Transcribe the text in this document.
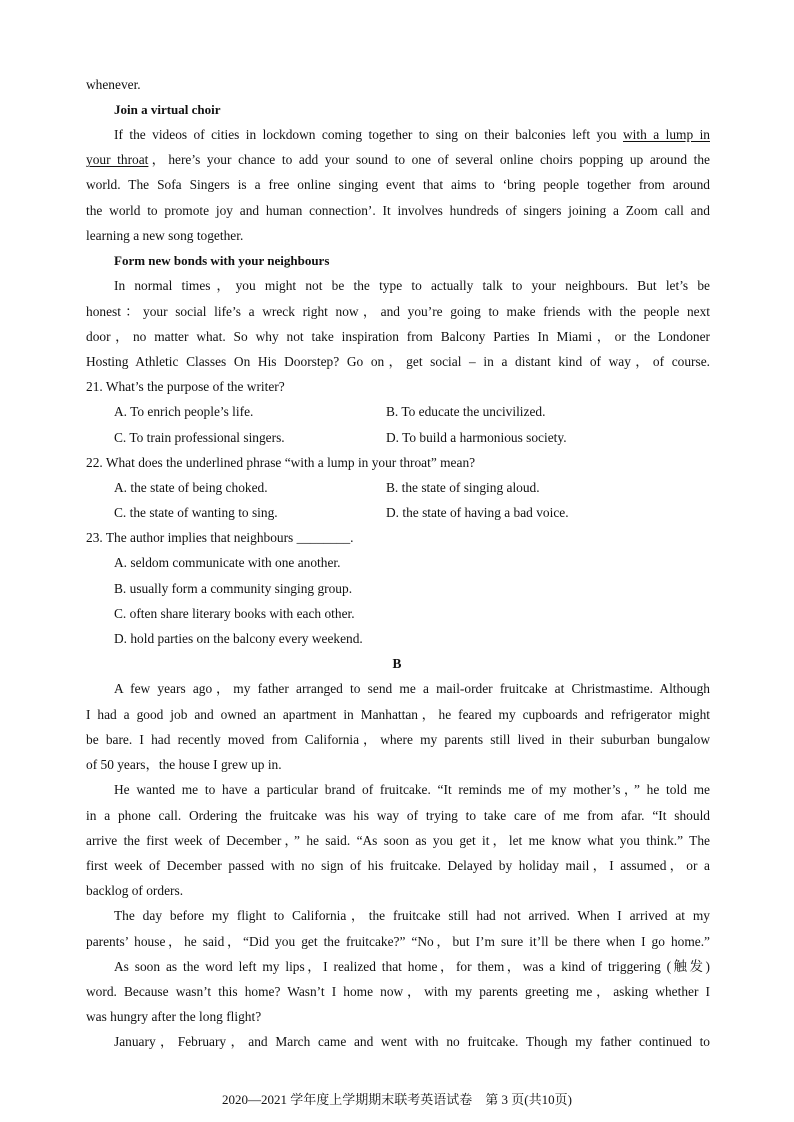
whenever.
Join a virtual choir
If the videos of cities in lockdown coming together to sing on their balconies left you with a lump in
your throat，here’s your chance to add your sound to one of several online choirs popping up around the
world. The Sofa Singers is a free online singing event that aims to ‘bring people together from around
the world to promote joy and human connection’. It involves hundreds of singers joining a Zoom call and
learning a new song together.
Form new bonds with your neighbours
In normal times，you might not be the type to actually talk to your neighbours. But let’s be
honest：your social life’s a wreck right now，and you’re going to make friends with the people next
door，no matter what. So why not take inspiration from Balcony Parties In Miami，or the Londoner
Hosting Athletic Classes On His Doorstep? Go on，get social – in a distant kind of way，of course.
21. What’s the purpose of the writer?
A. To enrich people’s life.	B. To educate the uncivilized.
C. To train professional singers.	D. To build a harmonious society.
22. What does the underlined phrase “with a lump in your throat” mean?
A. the state of being choked.	B. the state of singing aloud.
C. the state of wanting to sing.	D. the state of having a bad voice.
23. The author implies that neighbours ________.
A. seldom communicate with one another.
B. usually form a community singing group.
C. often share literary books with each other.
D. hold parties on the balcony every weekend.
B
A few years ago，my father arranged to send me a mail-order fruitcake at Christmastime. Although
I had a good job and owned an apartment in Manhattan，he feared my cupboards and refrigerator might
be bare. I had recently moved from California，where my parents still lived in their suburban bungalow
of 50 years，the house I grew up in.
He wanted me to have a particular brand of fruitcake. “It reminds me of my mother’s，” he told me
in a phone call. Ordering the fruitcake was his way of trying to take care of me from afar. “It should
arrive the first week of December，” he said. “As soon as you get it，let me know what you think.” The
first week of December passed with no sign of his fruitcake. Delayed by holiday mail，I assumed，or a
backlog of orders.
The day before my flight to California，the fruitcake still had not arrived. When I arrived at my
parents’ house，he said，“Did you get the fruitcake?” “No，but I’m sure it’ll be there when I go home.”
As soon as the word left my lips，I realized that home，for them，was a kind of triggering (触发)
word. Because wasn’t this home? Wasn’t I home now，with my parents greeting me，asking whether I
was hungry after the long flight?
January，February，and March came and went with no fruitcake. Though my father continued to
2020—2021 学年度上学期期末联考英语试卷　第 3 页(共10页)
